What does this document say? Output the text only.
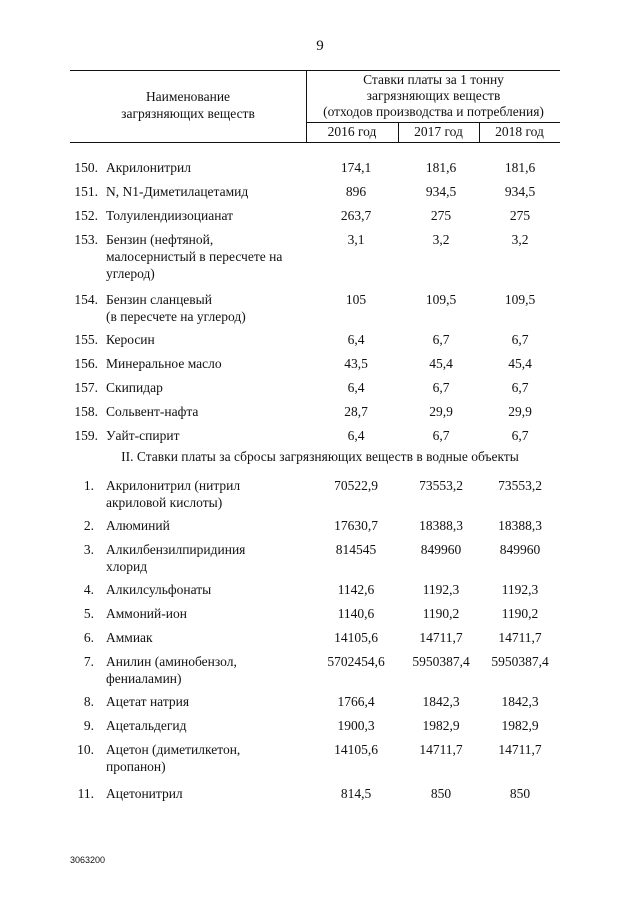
9
Наименование
загрязняющих веществ
Ставки платы за 1 тонну
загрязняющих веществ
(отходов производства и потребления)
2016 год	2017 год	2018 год
150. Акрилонитрил	174,1	181,6	181,6
151. N, N1-Диметилацетамид	896	934,5	934,5
152. Толуилендиизоцианат	263,7	275	275
153. Бензин (нефтяной,
малосернистый в пересчете на
углерод)
3,1	3,2	3,2
154. Бензин сланцевый
(в пересчете на углерод)
105	109,5	109,5
155. Керосин	6,4	6,7	6,7
156. Минеральное масло	43,5	45,4	45,4
157. Скипидар	6,4	6,7	6,7
158. Сольвент-нафта	28,7	29,9	29,9
159. Уайт-спирит	6,4	6,7	6,7
II. Ставки платы за сбросы загрязняющих веществ в водные объекты
1. Акрилонитрил (нитрил
акриловой кислоты)
70522,9	73553,2	73553,2
2. Алюминий	17630,7	18388,3	18388,3
3. Алкилбензилпиридиния
хлорид
814545	849960	849960
4. Алкилсульфонаты	1142,6	1192,3	1192,3
5. Аммоний-ион	1140,6	1190,2	1190,2
6. Аммиак	14105,6	14711,7	14711,7
7. Анилин (аминобензол,
фениаламин)
5702454,6	5950387,4	5950387,4
8. Ацетат натрия	1766,4	1842,3	1842,3
9. Ацетальдегид	1900,3	1982,9	1982,9
10. Ацетон (диметилкетон,
пропанон)
14105,6	14711,7	14711,7
11. Ацетонитрил	814,5	850	850
3063200
